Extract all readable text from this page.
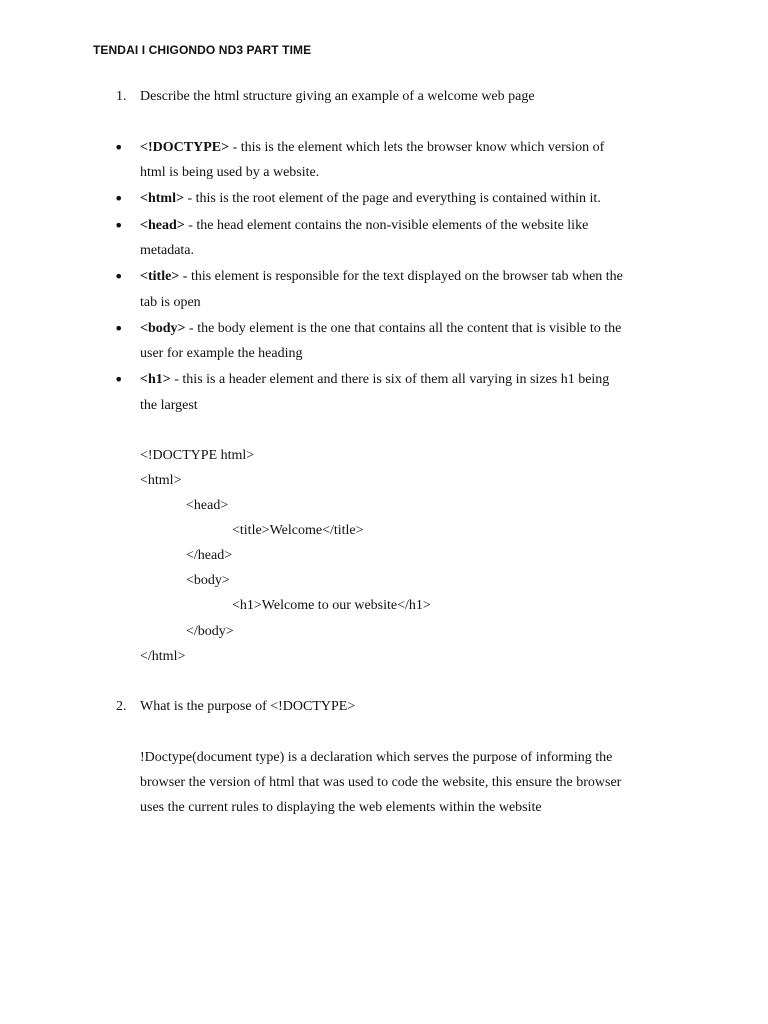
TENDAI I CHIGONDO ND3 PART TIME
1. Describe the html structure giving an example of a welcome web page
• <!DOCTYPE> - this is the element which lets the browser know which version of
html is being used by a website.
• <html> - this is the root element of the page and everything is contained within it.
• <head> - the head element contains the non-visible elements of the website like
metadata.
• <title> - this element is responsible for the text displayed on the browser tab when the
tab is open
• <body> - the body element is the one that contains all the content that is visible to the
user for example the heading
• <h1> - this is a header element and there is six of them all varying in sizes h1 being
the largest
<!DOCTYPE html>
<html>
<head>
<title>Welcome</title>
</head>
<body>
<h1>Welcome to our website</h1>
</body>
</html>
2. What is the purpose of <!DOCTYPE>
!Doctype(document type) is a declaration which serves the purpose of informing the
browser the version of html that was used to code the website, this ensure the browser
uses the current rules to displaying the web elements within the website
